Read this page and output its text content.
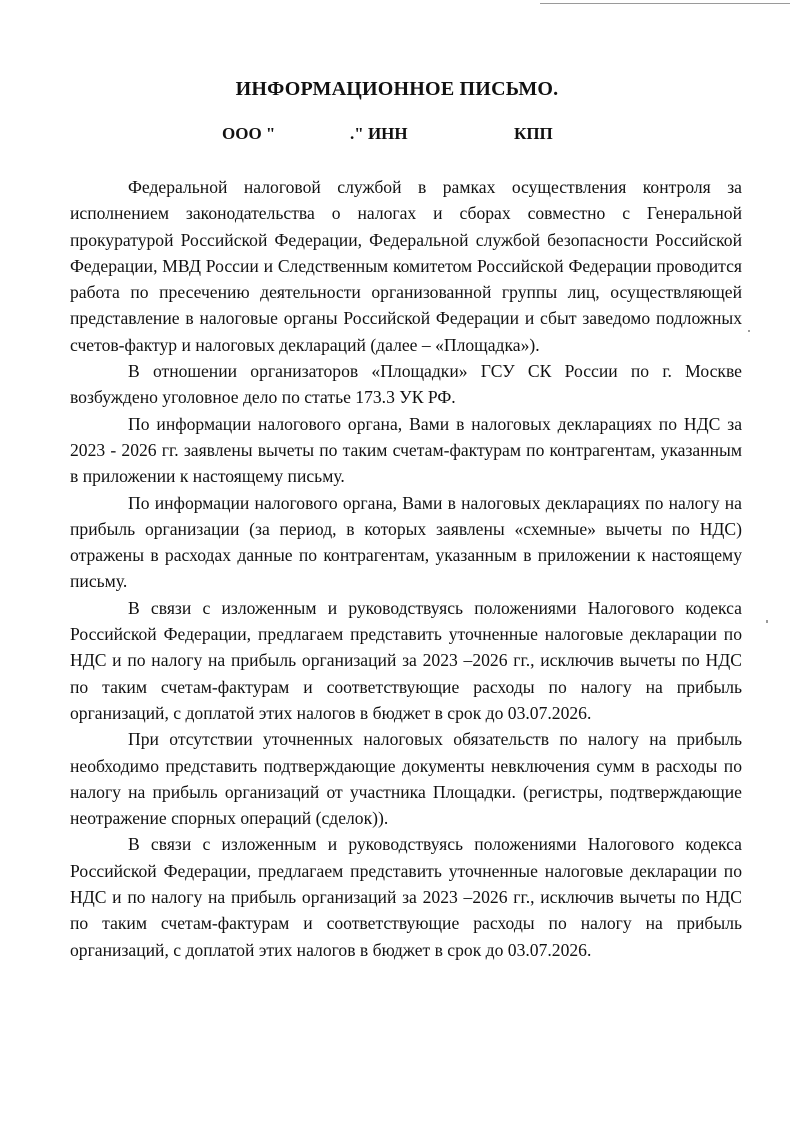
ИНФОРМАЦИОННОЕ ПИСЬМО.
ООО "	." ИНН	КПП

Федеральной налоговой службой в рамках осуществления контроля за исполнением законодательства о налогах и сборах совместно с Генеральной прокуратурой Российской Федерации, Федеральной службой безопасности Российской Федерации, МВД России и Следственным комитетом Российской Федерации проводится работа по пресечению деятельности организованной группы лиц, осуществляющей представление в налоговые органы Российской Федерации и сбыт заведомо подложных счетов-фактур и налоговых деклараций (далее – «Площадка»).

В отношении организаторов «Площадки» ГСУ СК России по г. Москве возбуждено уголовное дело по статье 173.3 УК РФ.

По информации налогового органа, Вами в налоговых декларациях по НДС за 2023 - 2026 гг. заявлены вычеты по таким счетам-фактурам по контрагентам, указанным в приложении к настоящему письму.

По информации налогового органа, Вами в налоговых декларациях по налогу на прибыль организации (за период, в которых заявлены «схемные» вычеты по НДС) отражены в расходах данные по контрагентам, указанным в приложении к настоящему письму.

В связи с изложенным и руководствуясь положениями Налогового кодекса Российской Федерации, предлагаем представить уточненные налоговые декларации по НДС и по налогу на прибыль организаций за 2023 –2026 гг., исключив вычеты по НДС по таким счетам-фактурам и соответствующие расходы по налогу на прибыль организаций, с доплатой этих налогов в бюджет в срок до 03.07.2026.

При отсутствии уточненных налоговых обязательств по налогу на прибыль необходимо представить подтверждающие документы невключения сумм в расходы по налогу на прибыль организаций от участника Площадки. (регистры, подтверждающие неотражение спорных операций (сделок)).

В связи с изложенным и руководствуясь положениями Налогового кодекса Российской Федерации, предлагаем представить уточненные налоговые декларации по НДС и по налогу на прибыль организаций за 2023 –2026 гг., исключив вычеты по НДС по таким счетам-фактурам и соответствующие расходы по налогу на прибыль организаций, с доплатой этих налогов в бюджет в срок до 03.07.2026.
